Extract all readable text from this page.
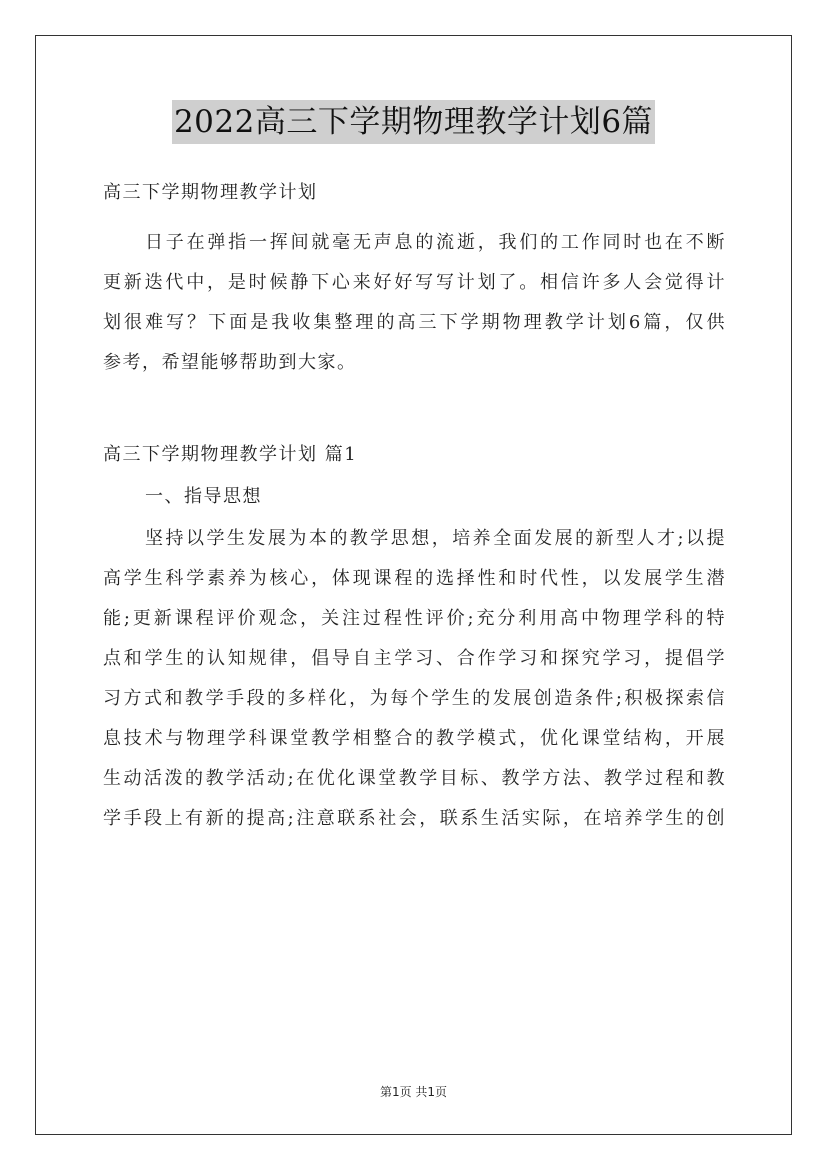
2022高三下学期物理教学计划6篇

高三下学期物理教学计划

日子在弹指一挥间就毫无声息的流逝，我们的工作同时也在不断

更新迭代中，是时候静下心来好好写写计划了。相信许多人会觉得计

划很难写？下面是我收集整理的高三下学期物理教学计划6篇，仅供

参考，希望能够帮助到大家。

高三下学期物理教学计划 篇1

一、指导思想

坚持以学生发展为本的教学思想，培养全面发展的新型人才;以提

高学生科学素养为核心，体现课程的选择性和时代性，以发展学生潜

能;更新课程评价观念，关注过程性评价;充分利用高中物理学科的特

点和学生的认知规律，倡导自主学习、合作学习和探究学习，提倡学

习方式和教学手段的多样化，为每个学生的发展创造条件;积极探索信

息技术与物理学科课堂教学相整合的教学模式，优化课堂结构，开展

生动活泼的教学活动;在优化课堂教学目标、教学方法、教学过程和教

学手段上有新的提高;注意联系社会，联系生活实际，在培养学生的创

第1页 共1页
